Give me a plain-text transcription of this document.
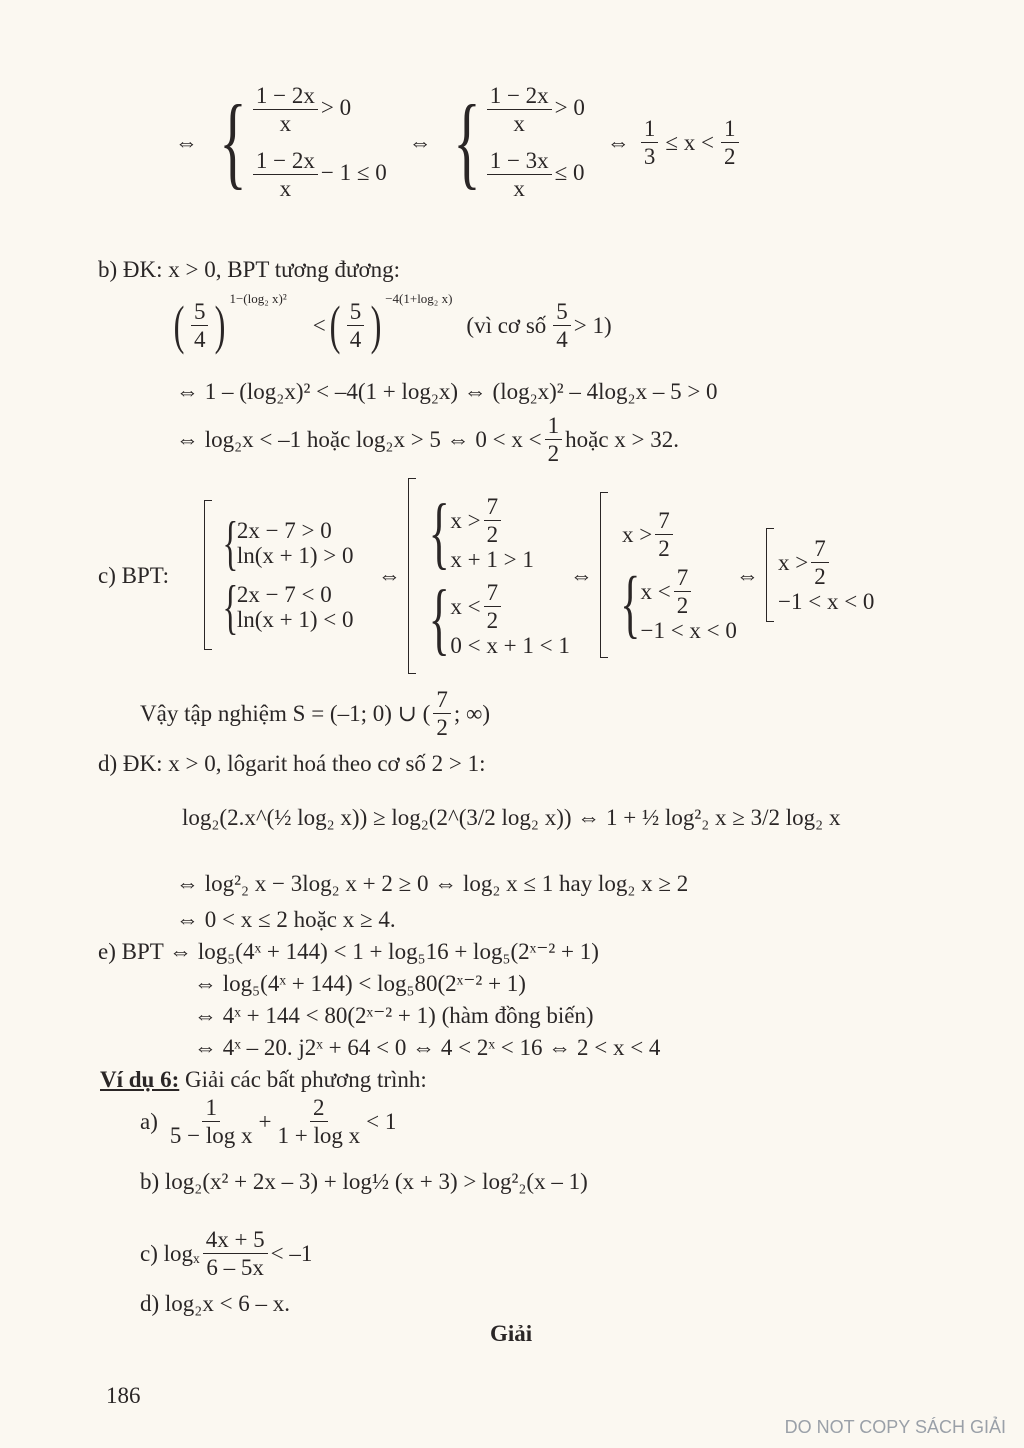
⇔ { $\frac{1 - 2x}{x} > 0$
$\frac{1 - 2x}{x} - 1 \le 0$
⇔ { $\frac{1 - 2x}{x} > 0$
$\frac{1 - 3x}{x} \le 0$
⇔ $\frac{1}{3} \le x < \frac{1}{2}$
b) ĐK: x > 0, BPT tương đương:
( $\frac{5}{4}$ ) 1−(log₂ x)²
< ( $\frac{5}{4}$ ) −4(1+log₂ x)
(vì cơ số $\frac{5}{4} > 1$)
⇔ 1 – (log₂x)² < –4(1 + log₂x) ⇔ (log₂x)² – 4log₂x – 5 > 0
⇔ log₂x < –1 hoặc log₂x > 5 ⇔ $0 < x < \frac{1}{2}$ hoặc x > 32.
c) BPT: {
2x − 7 > 0
ln(x + 1) > 0
{
2x − 7 < 0
ln(x + 1) < 0
⇔ { $x > \frac{7}{2}$
x + 1 > 1
{ $x < \frac{7}{2}$
0 < x + 1 < 1
⇔
$x > \frac{7}{2}$
{ $x < \frac{7}{2}$
−1 < x < 0
⇔
$x > \frac{7}{2}$
−1 < x < 0
Vậy tập nghiệm S = (–1; 0) ∪ ( $\frac{7}{2}$ ; ∞)
d) ĐK: x > 0, lôgarit hoá theo cơ số 2 > 1:
log₂(2.x^(½ log₂ x)) ≥ log₂(2^(3/2 log₂ x)) ⇔ 1 + ½ log²₂ x ≥ 3/2 log₂ x
⇔ log²₂ x − 3log₂ x + 2 ≥ 0 ⇔ log₂ x ≤ 1 hay log₂ x ≥ 2
⇔ 0 < x ≤ 2 hoặc x ≥ 4.
e) BPT ⇔ log₅(4ˣ + 144) < 1 + log₅16 + log₅(2ˣ⁻² + 1)
⇔ log₅(4ˣ + 144) < log₅80(2ˣ⁻² + 1)
⇔ 4ˣ + 144 < 80(2ˣ⁻² + 1) (hàm đồng biến)
⇔ 4ˣ – 20. j2ˣ + 64 < 0 ⇔ 4 < 2ˣ < 16 ⇔ 2 < x < 4
Ví dụ 6: Giải các bất phương trình:
$a) \frac{1}{\text{5 − log x}} + \frac{2}{\text{1 + log x}} < 1$
b) log₂(x² + 2x – 3) + log½ (x + 3) > log²₂(x – 1)
c) logₓ $\frac{4x + 5}{6 - 5x} < -1$
d) log₂x < 6 – x.
Giải
186
DO NOT COPY SÁCH GIẢI
